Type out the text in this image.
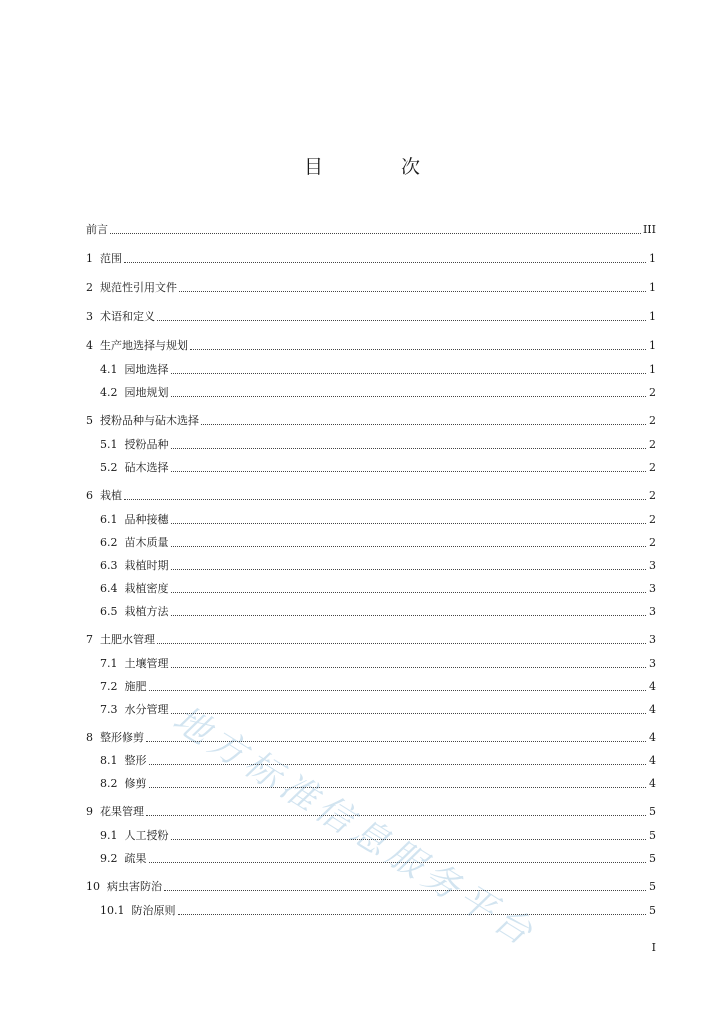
目 次
地方标准信息服务平台
前言	III
1  范围	1
2  规范性引用文件	1
3  术语和定义	1
4  生产地选择与规划	1
4.1  园地选择	1
4.2  园地规划	2
5  授粉品种与砧木选择	2
5.1  授粉品种	2
5.2  砧木选择	2
6  栽植	2
6.1  品种接穗	2
6.2  苗木质量	2
6.3  栽植时期	3
6.4  栽植密度	3
6.5  栽植方法	3
7  土肥水管理	3
7.1  土壤管理	3
7.2  施肥	4
7.3  水分管理	4
8  整形修剪	4
8.1  整形	4
8.2  修剪	4
9  花果管理	5
9.1  人工授粉	5
9.2  疏果	5
10  病虫害防治	5
10.1  防治原则	5
I
